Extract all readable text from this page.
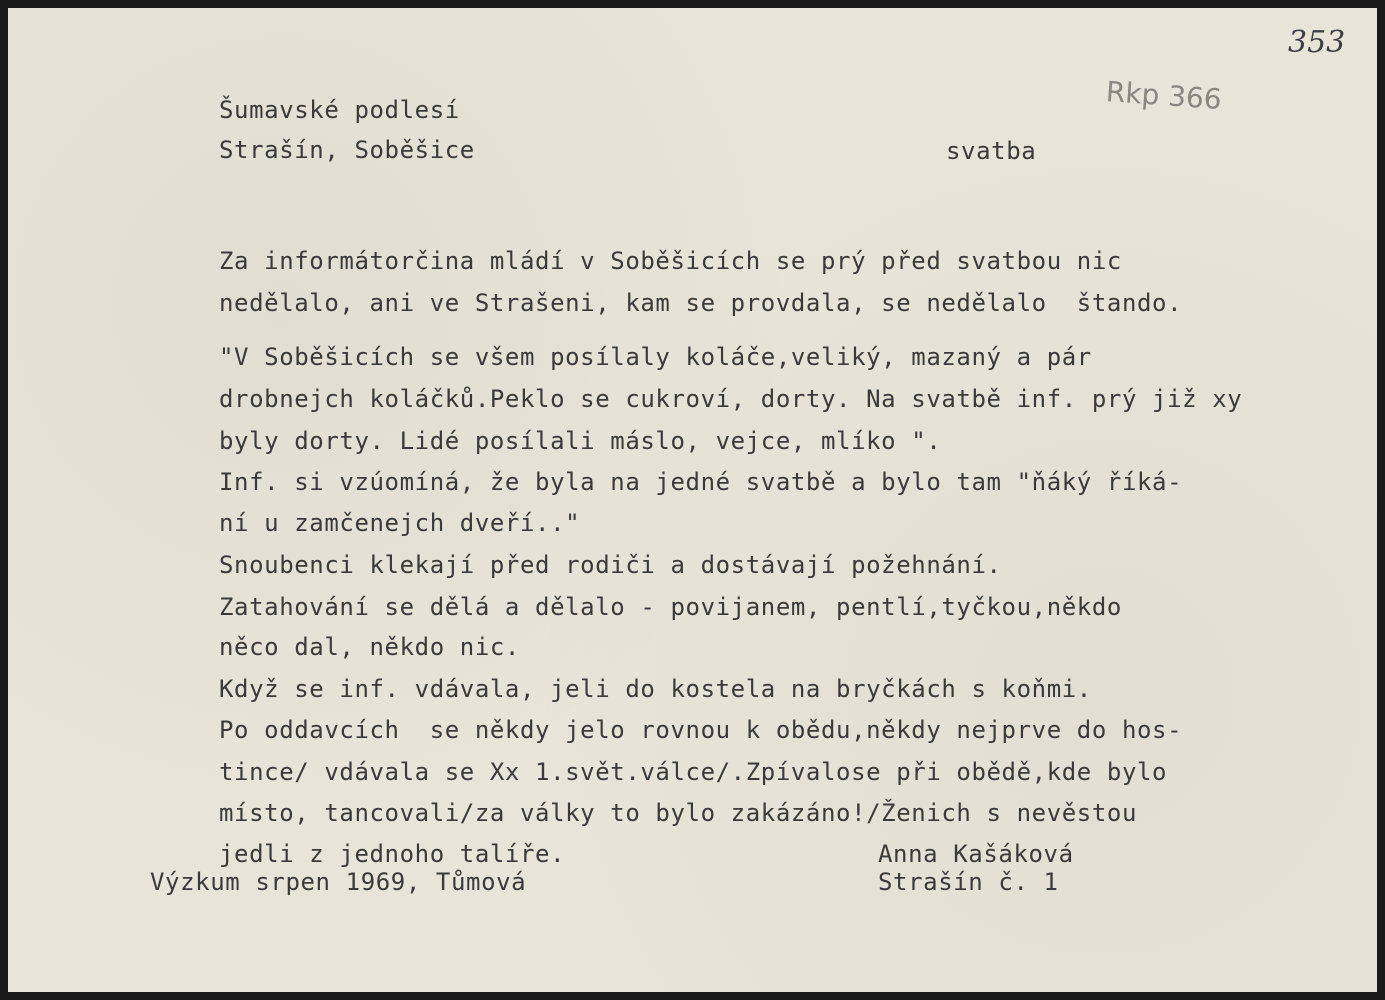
353
Rkp 366
Šumavské podlesí
Strašín, Soběšice	svatba
Za informátorčina mládí v Soběšicích se prý před svatbou nic
nedělalo, ani ve Strašeni, kam se provdala, se nedělalo  štando.
"V Soběšicích se všem posílaly koláče,veliký, mazaný a pár
drobnejch koláčků.Peklo se cukroví, dorty. Na svatbě inf. prý již xy
byly dorty. Lidé posílali máslo, vejce, mlíko ".
Inf. si vzúomíná, že byla na jedné svatbě a bylo tam "ňáký říká-
ní u zamčenejch dveří.."
Snoubenci klekají před rodiči a dostávají požehnání.
Zatahování se dělá a dělalo - povijanem, pentlí,tyčkou,někdo
něco dal, někdo nic.
Když se inf. vdávala, jeli do kostela na bryčkách s koňmi.
Po oddavcích  se někdy jelo rovnou k obědu,někdy nejprve do hos-
tince/ vdávala se Xx 1.svět.válce/.Zpívalose při obědě,kde bylo
místo, tancovali/za války to bylo zakázáno!/Ženich s nevěstou
jedli z jednoho talíře.	Anna Kašáková
Strašín č. 1
Výzkum srpen 1969, Tůmová
